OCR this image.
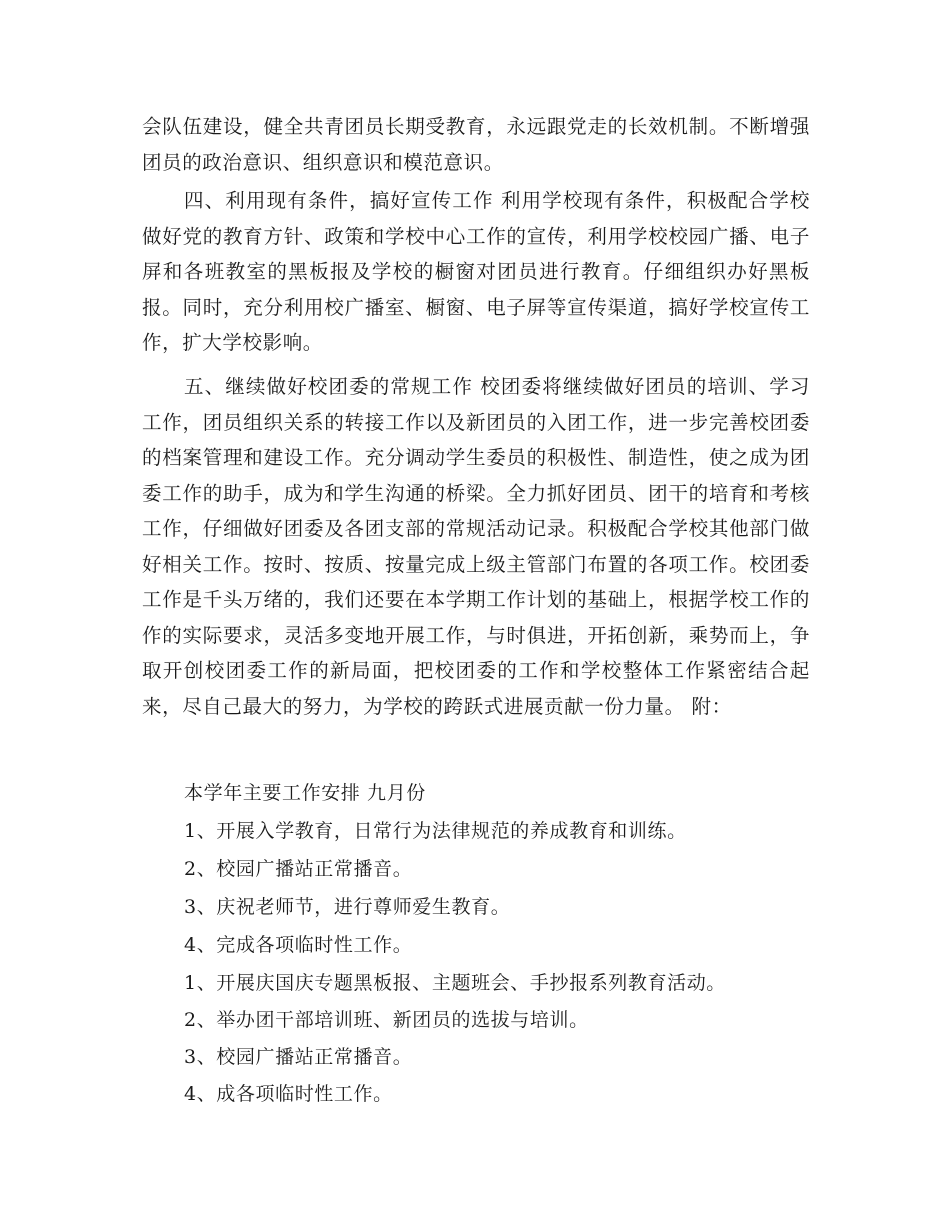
会队伍建设，健全共青团员长期受教育，永远跟党走的长效机制。不断增强团员的政治意识、组织意识和模范意识。

四、利用现有条件，搞好宣传工作 利用学校现有条件，积极配合学校做好党的教育方针、政策和学校中心工作的宣传，利用学校校园广播、电子屏和各班教室的黑板报及学校的橱窗对团员进行教育。仔细组织办好黑板报。同时，充分利用校广播室、橱窗、电子屏等宣传渠道，搞好学校宣传工作，扩大学校影响。

五、继续做好校团委的常规工作 校团委将继续做好团员的培训、学习工作，团员组织关系的转接工作以及新团员的入团工作，进一步完善校团委的档案管理和建设工作。充分调动学生委员的积极性、制造性，使之成为团委工作的助手，成为和学生沟通的桥梁。全力抓好团员、团干的培育和考核工作，仔细做好团委及各团支部的常规活动记录。积极配合学校其他部门做好相关工作。按时、按质、按量完成上级主管部门布置的各项工作。校团委工作是千头万绪的，我们还要在本学期工作计划的基础上，根据学校工作的作的实际要求，灵活多变地开展工作，与时俱进，开拓创新，乘势而上，争取开创校团委工作的新局面，把校团委的工作和学校整体工作紧密结合起来，尽自己最大的努力，为学校的跨跃式进展贡献一份力量。 附：

本学年主要工作安排 九月份

1、开展入学教育，日常行为法律规范的养成教育和训练。

2、校园广播站正常播音。

3、庆祝老师节，进行尊师爱生教育。

4、完成各项临时性工作。

1、开展庆国庆专题黑板报、主题班会、手抄报系列教育活动。

2、举办团干部培训班、新团员的选拔与培训。

3、校园广播站正常播音。

4、成各项临时性工作。
